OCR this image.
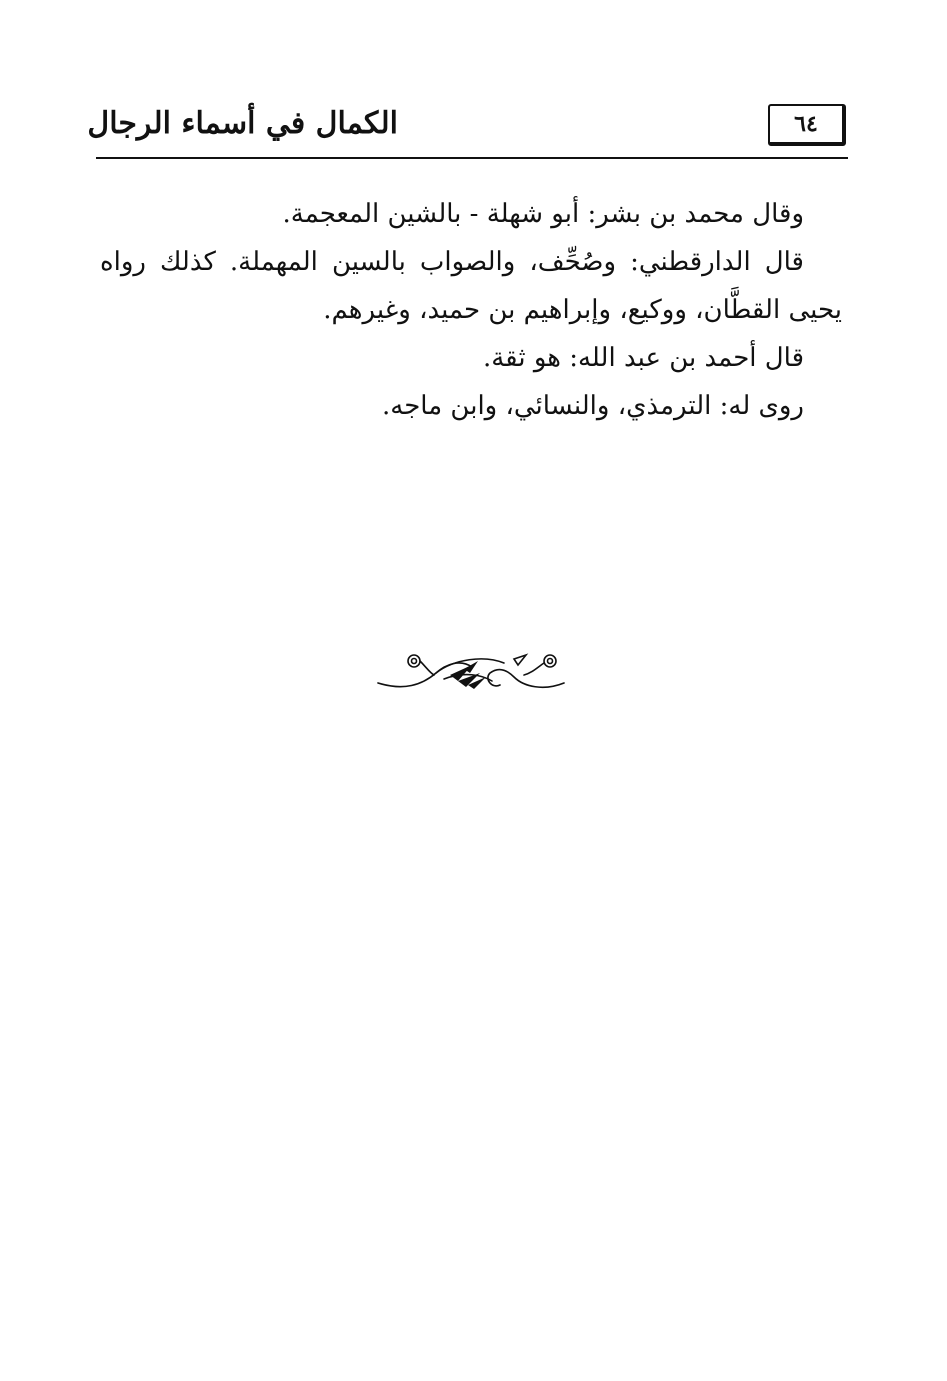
الكمال في أسماء الرجال	٦٤

وقال محمد بن بشر: أبو شهلة - بالشين المعجمة.

قال الدارقطني: وصُحِّف، والصواب بالسين المهملة. كذلك رواه

يحيى القطَّان، ووكيع، وإبراهيم بن حميد، وغيرهم.

قال أحمد بن عبد الله: هو ثقة.

روى له: الترمذي، والنسائي، وابن ماجه.
